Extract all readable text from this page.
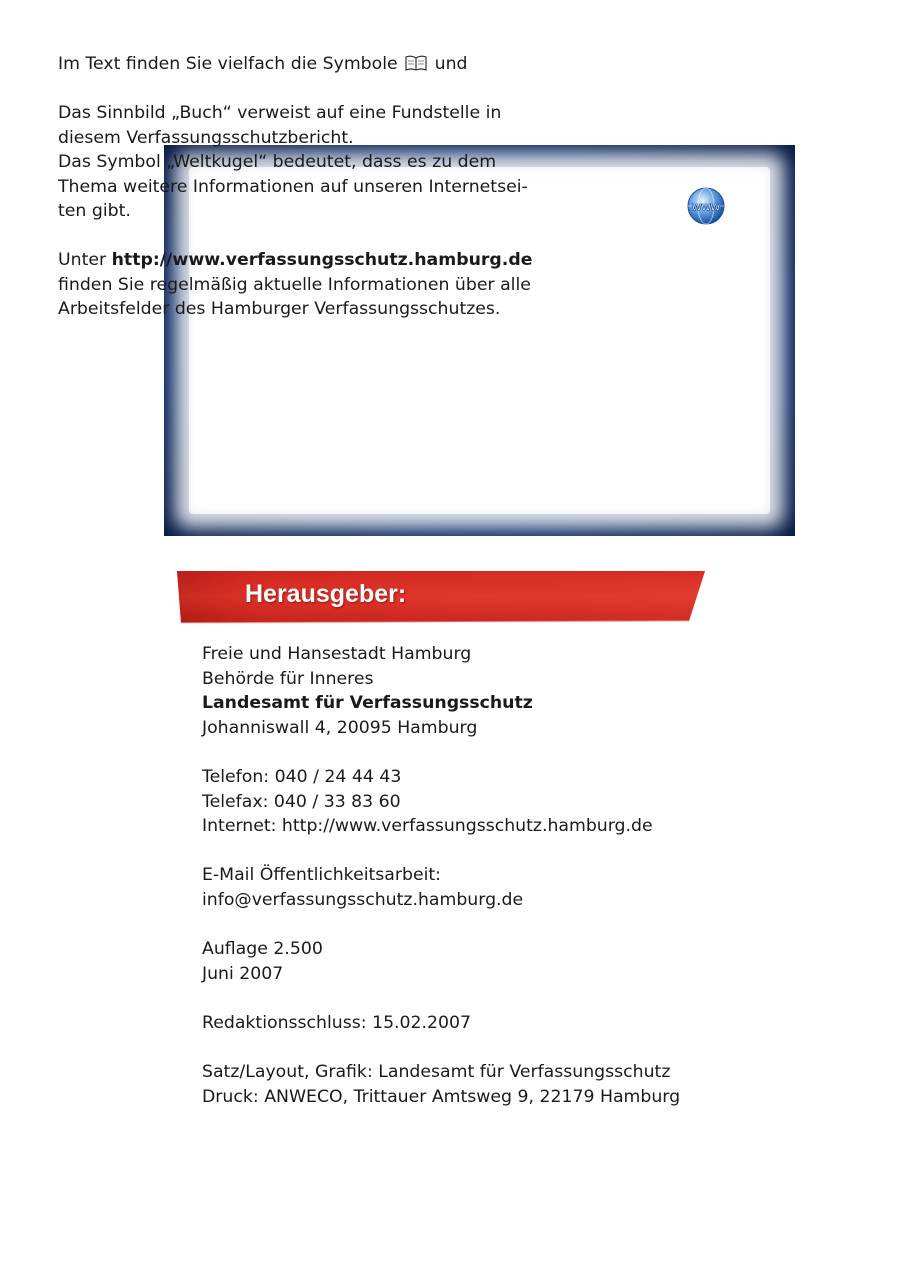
Im Text finden Sie vielfach die Symbole und

Das Sinnbild „Buch“ verweist auf eine Fundstelle in

diesem Verfassungsschutzbericht.

Das Symbol „Weltkugel“ bedeutet, dass es zu dem

Thema weitere Informationen auf unseren Internetsei-

ten gibt.

Unter http://www.verfassungsschutz.hamburg.de

finden Sie regelmäßig aktuelle Informationen über alle

Arbeitsfelder des Hamburger Verfassungsschutzes.

www
Herausgeber:
Freie und Hansestadt Hamburg
Behörde für Inneres
Landesamt für Verfassungsschutz
Johanniswall 4, 20095 Hamburg
Telefon: 040 / 24 44 43
Telefax: 040 / 33 83 60
Internet: http://www.verfassungsschutz.hamburg.de
E-Mail Öffentlichkeitsarbeit:
info@verfassungsschutz.hamburg.de
Auflage 2.500
Juni 2007
Redaktionsschluss: 15.02.2007
Satz/Layout, Grafik: Landesamt für Verfassungsschutz
Druck: ANWECO, Trittauer Amtsweg 9, 22179 Hamburg
